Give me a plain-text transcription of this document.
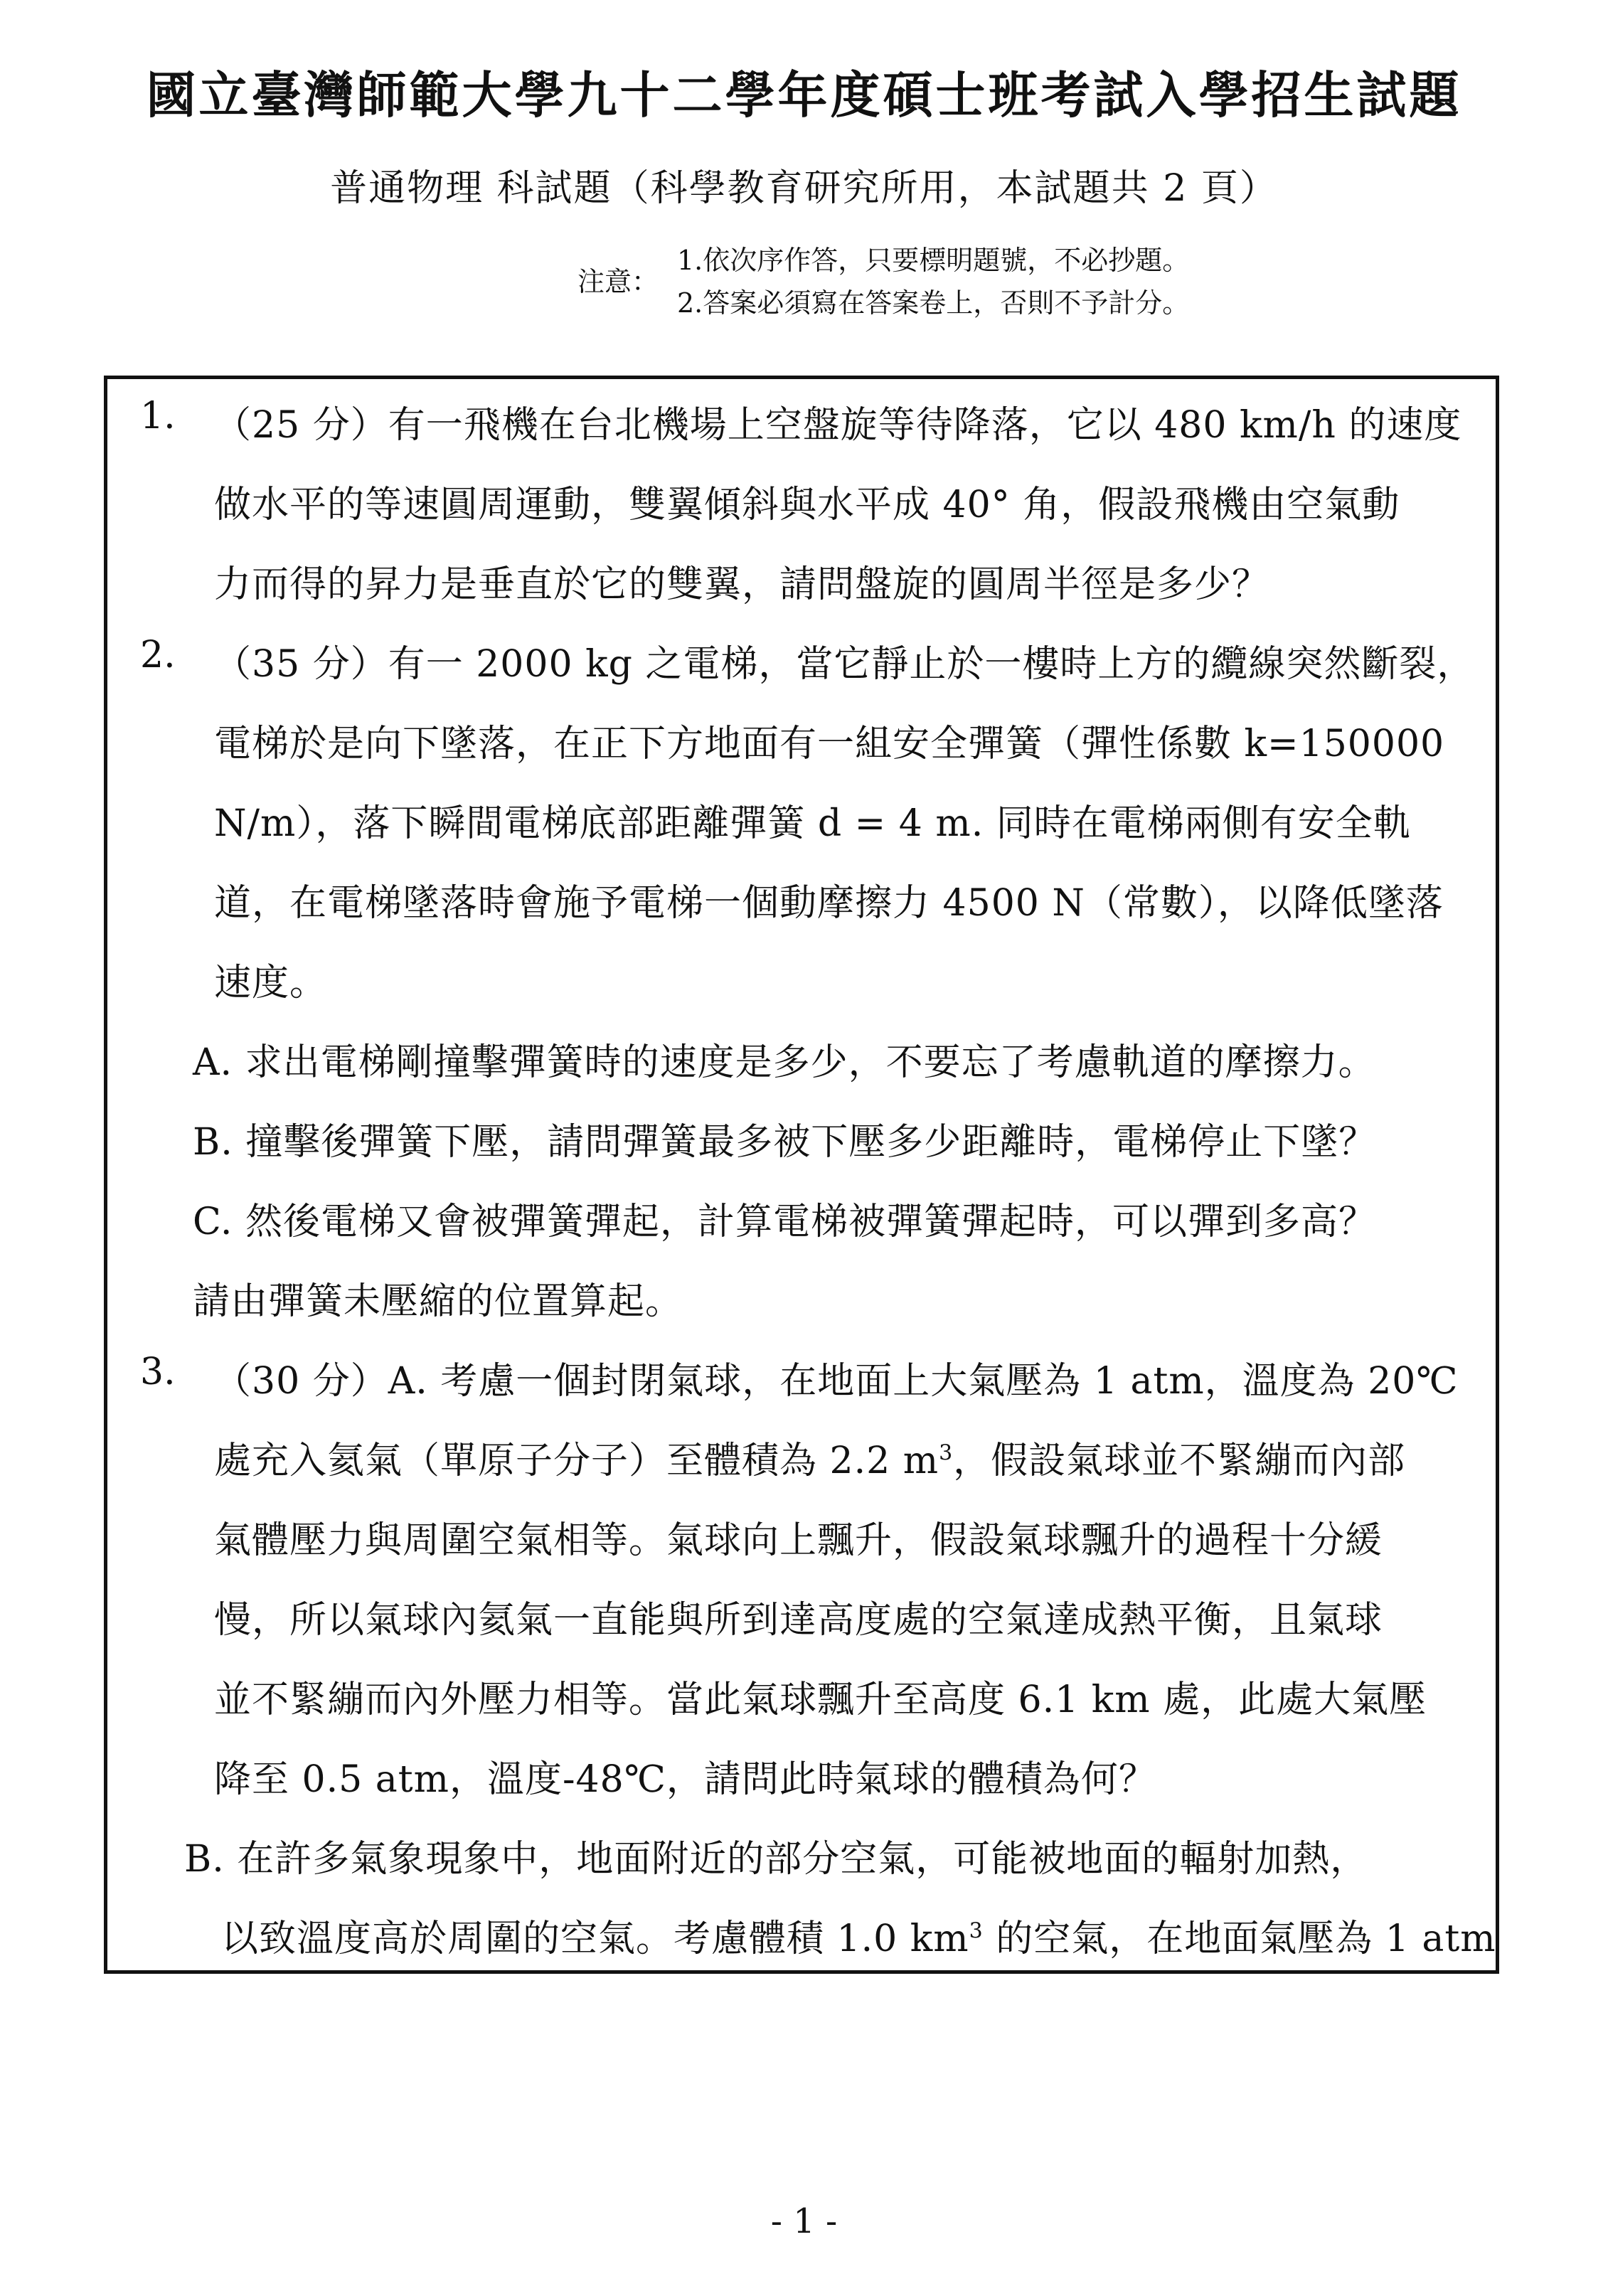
國立臺灣師範大學九十二學年度碩士班考試入學招生試題
普通物理 科試題（科學教育研究所用，本試題共 2 頁）
注意：
1.依次序作答，只要標明題號，不必抄題。
2.答案必須寫在答案卷上，否則不予計分。
1. （25 分）有一飛機在台北機場上空盤旋等待降落，它以 480 km/h 的速度
做水平的等速圓周運動，雙翼傾斜與水平成 40° 角，假設飛機由空氣動
力而得的昇力是垂直於它的雙翼，請問盤旋的圓周半徑是多少？
2. （35 分）有一 2000 kg 之電梯，當它靜止於一樓時上方的纜線突然斷裂，
電梯於是向下墜落，在正下方地面有一組安全彈簧（彈性係數 k=150000
N/m），落下瞬間電梯底部距離彈簧 d = 4 m. 同時在電梯兩側有安全軌
道，在電梯墜落時會施予電梯一個動摩擦力 4500 N（常數），以降低墜落
速度。
A. 求出電梯剛撞擊彈簧時的速度是多少，不要忘了考慮軌道的摩擦力。
B. 撞擊後彈簧下壓，請問彈簧最多被下壓多少距離時，電梯停止下墜？
C. 然後電梯又會被彈簧彈起，計算電梯被彈簧彈起時，可以彈到多高？
請由彈簧未壓縮的位置算起。
3. （30 分）A. 考慮一個封閉氣球，在地面上大氣壓為 1 atm，溫度為 20℃
處充入氦氣（單原子分子）至體積為 2.2 $m^3$，假設氣球並不緊繃而內部
氣體壓力與周圍空氣相等。氣球向上飄升，假設氣球飄升的過程十分緩
慢，所以氣球內氦氣一直能與所到達高度處的空氣達成熱平衡，且氣球
並不緊繃而內外壓力相等。當此氣球飄升至高度 6.1 km 處，此處大氣壓
降至 0.5 atm，溫度-48℃，請問此時氣球的體積為何？
B. 在許多氣象現象中，地面附近的部分空氣，可能被地面的輻射加熱，
以致溫度高於周圍的空氣。考慮體積 1.0 $km^3$ 的空氣，在地面氣壓為 1 atm
- 1 -
